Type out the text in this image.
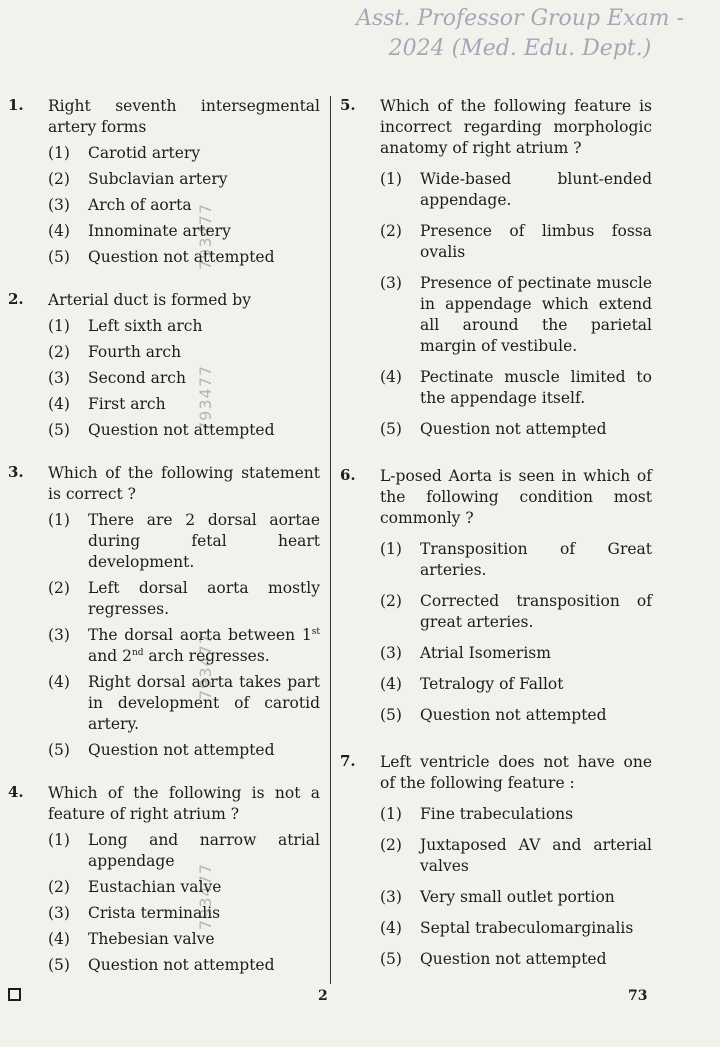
Asst. Professor Group Exam - 2024 (Med. Edu. Dept.)
793477
793477
793477
793477
1. Right seventh intersegmental artery forms
(1)	Carotid artery
(2)	Subclavian artery
(3)	Arch of aorta
(4)	Innominate artery
(5)	Question not attempted
2. Arterial duct is formed by
(1)	Left sixth arch
(2)	Fourth arch
(3)	Second arch
(4)	First arch
(5)	Question not attempted
3. Which of the following statement is correct ?
(1)	There are 2 dorsal aortae during fetal heart development.
(2)	Left dorsal aorta mostly regresses.
(3)	The dorsal aorta between 1st and 2nd arch regresses.
(4)	Right dorsal aorta takes part in development of carotid artery.
(5)	Question not attempted
4. Which of the following is not a feature of right atrium ?
(1)	Long and narrow atrial appendage
(2)	Eustachian valve
(3)	Crista terminalis
(4)	Thebesian valve
(5)	Question not attempted
5. Which of the following feature is incorrect regarding morphologic anatomy of right atrium ?
(1)	Wide-based blunt-ended appendage.
(2)	Presence of limbus fossa ovalis
(3)	Presence of pectinate muscle in appendage which extend all around the parietal margin of vestibule.
(4)	Pectinate muscle limited to the appendage itself.
(5)	Question not attempted
6. L-posed Aorta is seen in which of the following condition most commonly ?
(1)	Transposition of Great arteries.
(2)	Corrected transposition of great arteries.
(3)	Atrial Isomerism
(4)	Tetralogy of Fallot
(5)	Question not attempted
7. Left ventricle does not have one of the following feature :
(1)	Fine trabeculations
(2)	Juxtaposed AV and arterial valves
(3)	Very small outlet portion
(4)	Septal trabeculomarginalis
(5)	Question not attempted
2	73
